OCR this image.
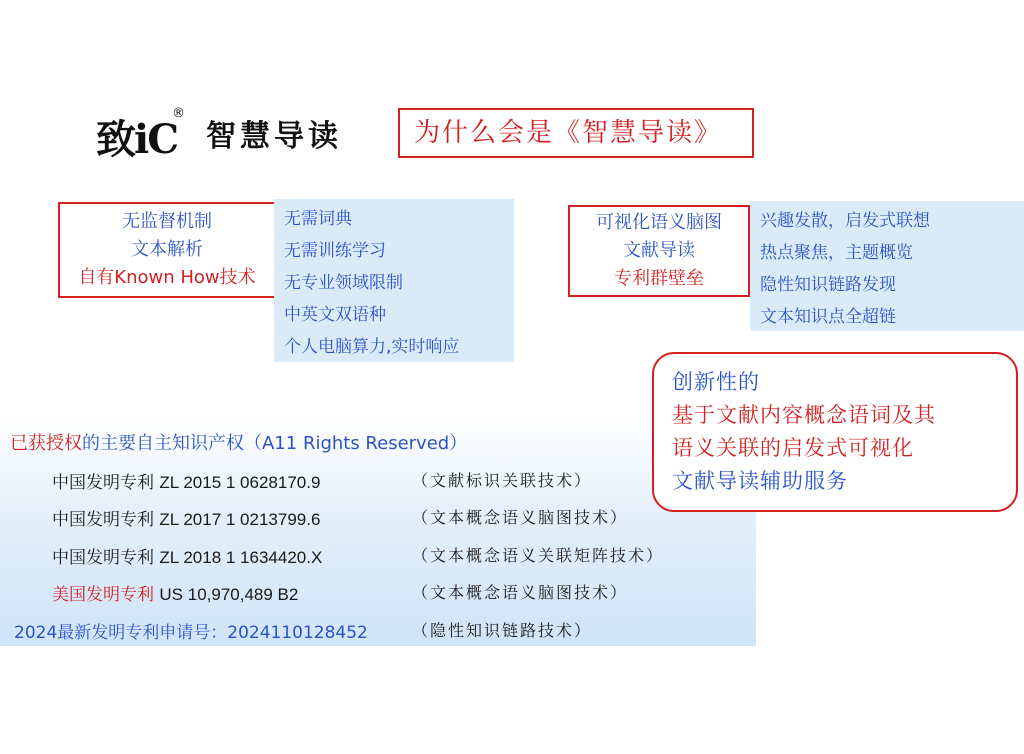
致iC
®
智慧导读	为什么会是《智慧导读》
无监督机制
文本解析
自有Known How技术
无需词典
无需训练学习
无专业领域限制
中英文双语种
个人电脑算力,实时响应
可视化语义脑图
文献导读
专利群壁垒
兴趣发散，启发式联想
热点聚焦，主题概览
隐性知识链路发现
文本知识点全超链
已获授权的主要自主知识产权（A11 Rights Reserved）
中国发明专利 ZL 2015 1 0628170.9	（文献标识关联技术）
中国发明专利 ZL 2017 1 0213799.6	（文本概念语义脑图技术）
中国发明专利 ZL 2018 1 1634420.X	（文本概念语义关联矩阵技术）
美国发明专利 US 10,970,489 B2	（文本概念语义脑图技术）
2024最新发明专利申请号：2024110128452	（隐性知识链路技术）
创新性的
基于文献内容概念语词及其
语义关联的启发式可视化
文献导读辅助服务
